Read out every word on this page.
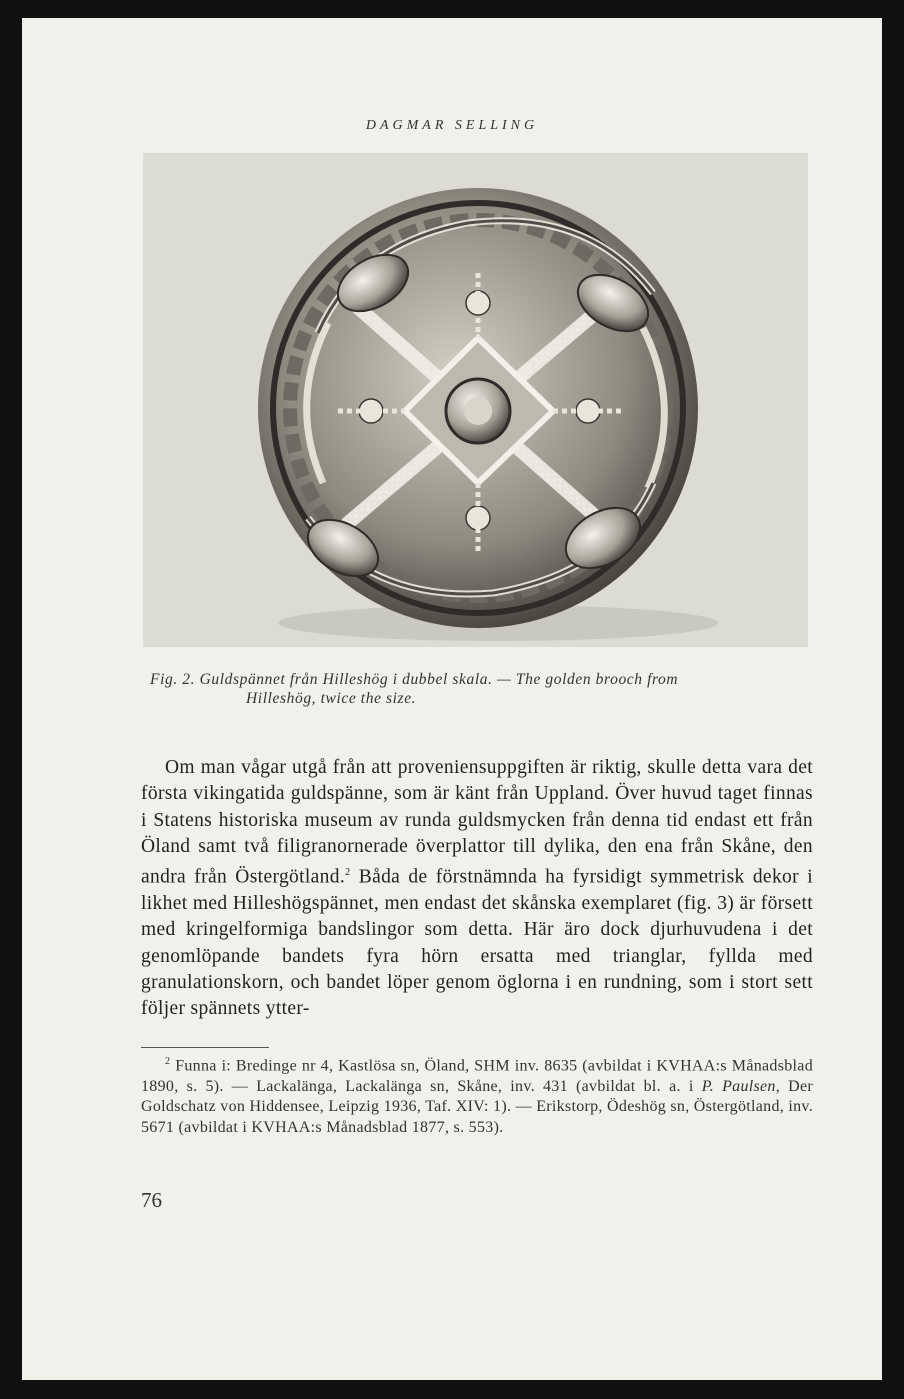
DAGMAR SELLING
Fig. 2. Guldspännet från Hilleshög i dubbel skala. — The golden brooch from
Hilleshög, twice the size.

Om man vågar utgå från att proveniensuppgiften är riktig, skulle detta vara det första vikingatida guldspänne, som är känt från Uppland. Över huvud taget finnas i Statens historiska museum av runda guldsmycken från denna tid endast ett från Öland samt två filigranornerade överplattor till dylika, den ena från Skåne, den andra från Östergötland.$^2$ Båda de förstnämnda ha fyrsidigt symmetrisk dekor i likhet med Hilleshögspännet, men endast det skånska exemplaret (fig. 3) är försett med kringelformiga bandslingor som detta. Här äro dock djurhuvudena i det genomlöpande bandets fyra hörn ersatta med trianglar, fyllda med granulationskorn, och bandet löper genom öglorna i en rundning, som i stort sett följer spännets ytter-

$^2$ Funna i: Bredinge nr 4, Kastlösa sn, Öland, SHM inv. 8635 (avbildat i KVHAA:s Månadsblad 1890, s. 5). — Lackalänga, Lackalänga sn, Skåne, inv. 431 (avbildat bl. a. i P. Paulsen, Der Goldschatz von Hiddensee, Leipzig 1936, Taf. XIV: 1). — Erikstorp, Ödeshög sn, Östergötland, inv. 5671 (avbildat i KVHAA:s Månadsblad 1877, s. 553).

76
